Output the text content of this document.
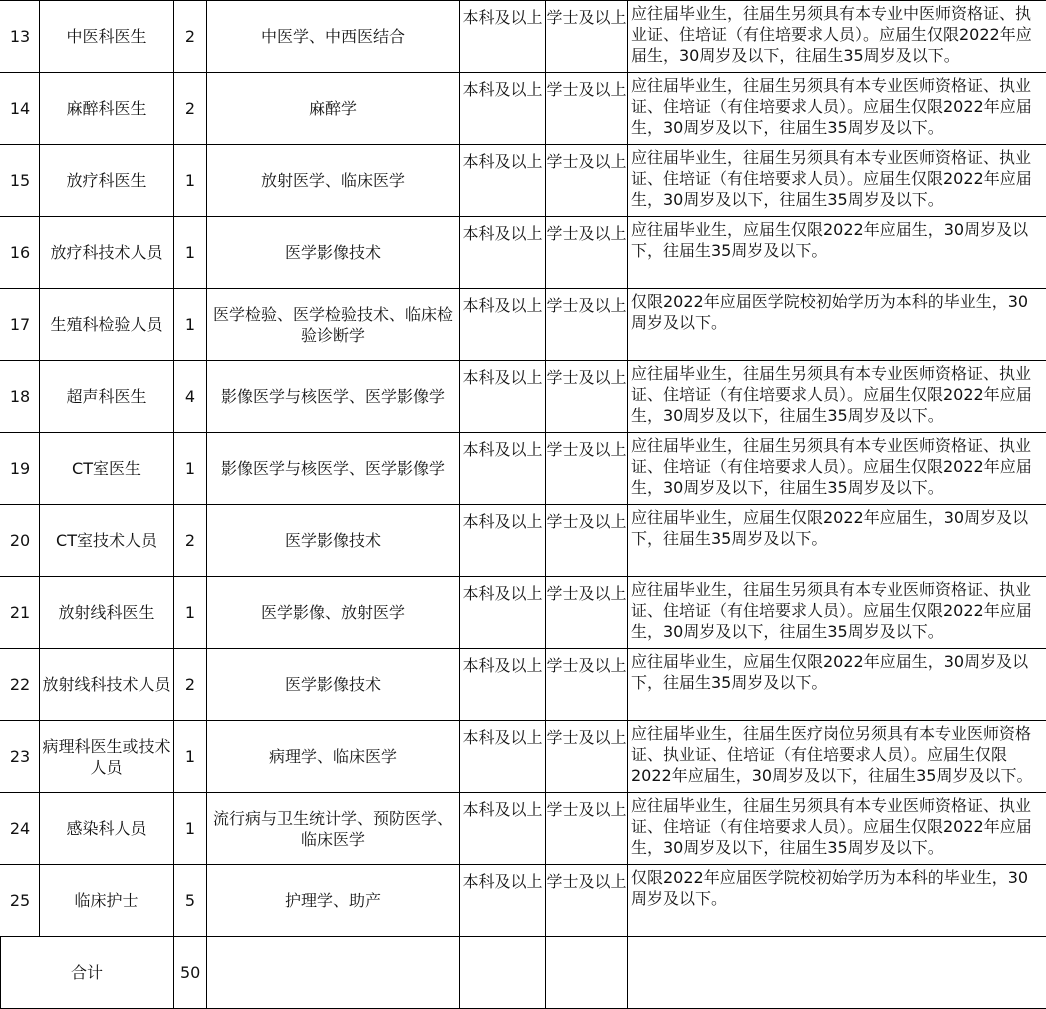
13	中医科医生	2	中医学、中西医结合	本科及以上	学士及以上	应往届毕业生，往届生另须具有本专业中医师资格证、执业证、住培证（有住培要求人员）。应届生仅限2022年应届生，30周岁及以下，往届生35周岁及以下。
14	麻醉科医生	2	麻醉学	本科及以上	学士及以上	应往届毕业生，往届生另须具有本专业医师资格证、执业证、住培证（有住培要求人员）。应届生仅限2022年应届生，30周岁及以下，往届生35周岁及以下。
15	放疗科医生	1	放射医学、临床医学	本科及以上	学士及以上	应往届毕业生，往届生另须具有本专业医师资格证、执业证、住培证（有住培要求人员）。应届生仅限2022年应届生，30周岁及以下，往届生35周岁及以下。
16	放疗科技术人员	1	医学影像技术	本科及以上	学士及以上	应往届毕业生，应届生仅限2022年应届生，30周岁及以下，往届生35周岁及以下。
17	生殖科检验人员	1	医学检验、医学检验技术、临床检验诊断学	本科及以上	学士及以上	仅限2022年应届医学院校初始学历为本科的毕业生，30周岁及以下。
18	超声科医生	4	影像医学与核医学、医学影像学	本科及以上	学士及以上	应往届毕业生，往届生另须具有本专业医师资格证、执业证、住培证（有住培要求人员）。应届生仅限2022年应届生，30周岁及以下，往届生35周岁及以下。
19	CT室医生	1	影像医学与核医学、医学影像学	本科及以上	学士及以上	应往届毕业生，往届生另须具有本专业医师资格证、执业证、住培证（有住培要求人员）。应届生仅限2022年应届生，30周岁及以下，往届生35周岁及以下。
20	CT室技术人员	2	医学影像技术	本科及以上	学士及以上	应往届毕业生，应届生仅限2022年应届生，30周岁及以下，往届生35周岁及以下。
21	放射线科医生	1	医学影像、放射医学	本科及以上	学士及以上	应往届毕业生，往届生另须具有本专业医师资格证、执业证、住培证（有住培要求人员）。应届生仅限2022年应届生，30周岁及以下，往届生35周岁及以下。
22	放射线科技术人员	2	医学影像技术	本科及以上	学士及以上	应往届毕业生，应届生仅限2022年应届生，30周岁及以下，往届生35周岁及以下。
23	病理科医生或技术人员	1	病理学、临床医学	本科及以上	学士及以上	应往届毕业生，往届生医疗岗位另须具有本专业医师资格证、执业证、住培证（有住培要求人员）。应届生仅限2022年应届生，30周岁及以下，往届生35周岁及以下。
24	感染科人员	1	流行病与卫生统计学、预防医学、临床医学	本科及以上	学士及以上	应往届毕业生，往届生另须具有本专业医师资格证、执业证、住培证（有住培要求人员）。应届生仅限2022年应届生，30周岁及以下，往届生35周岁及以下。
25	临床护士	5	护理学、助产	本科及以上	学士及以上	仅限2022年应届医学院校初始学历为本科的毕业生，30周岁及以下。
合计		50				
